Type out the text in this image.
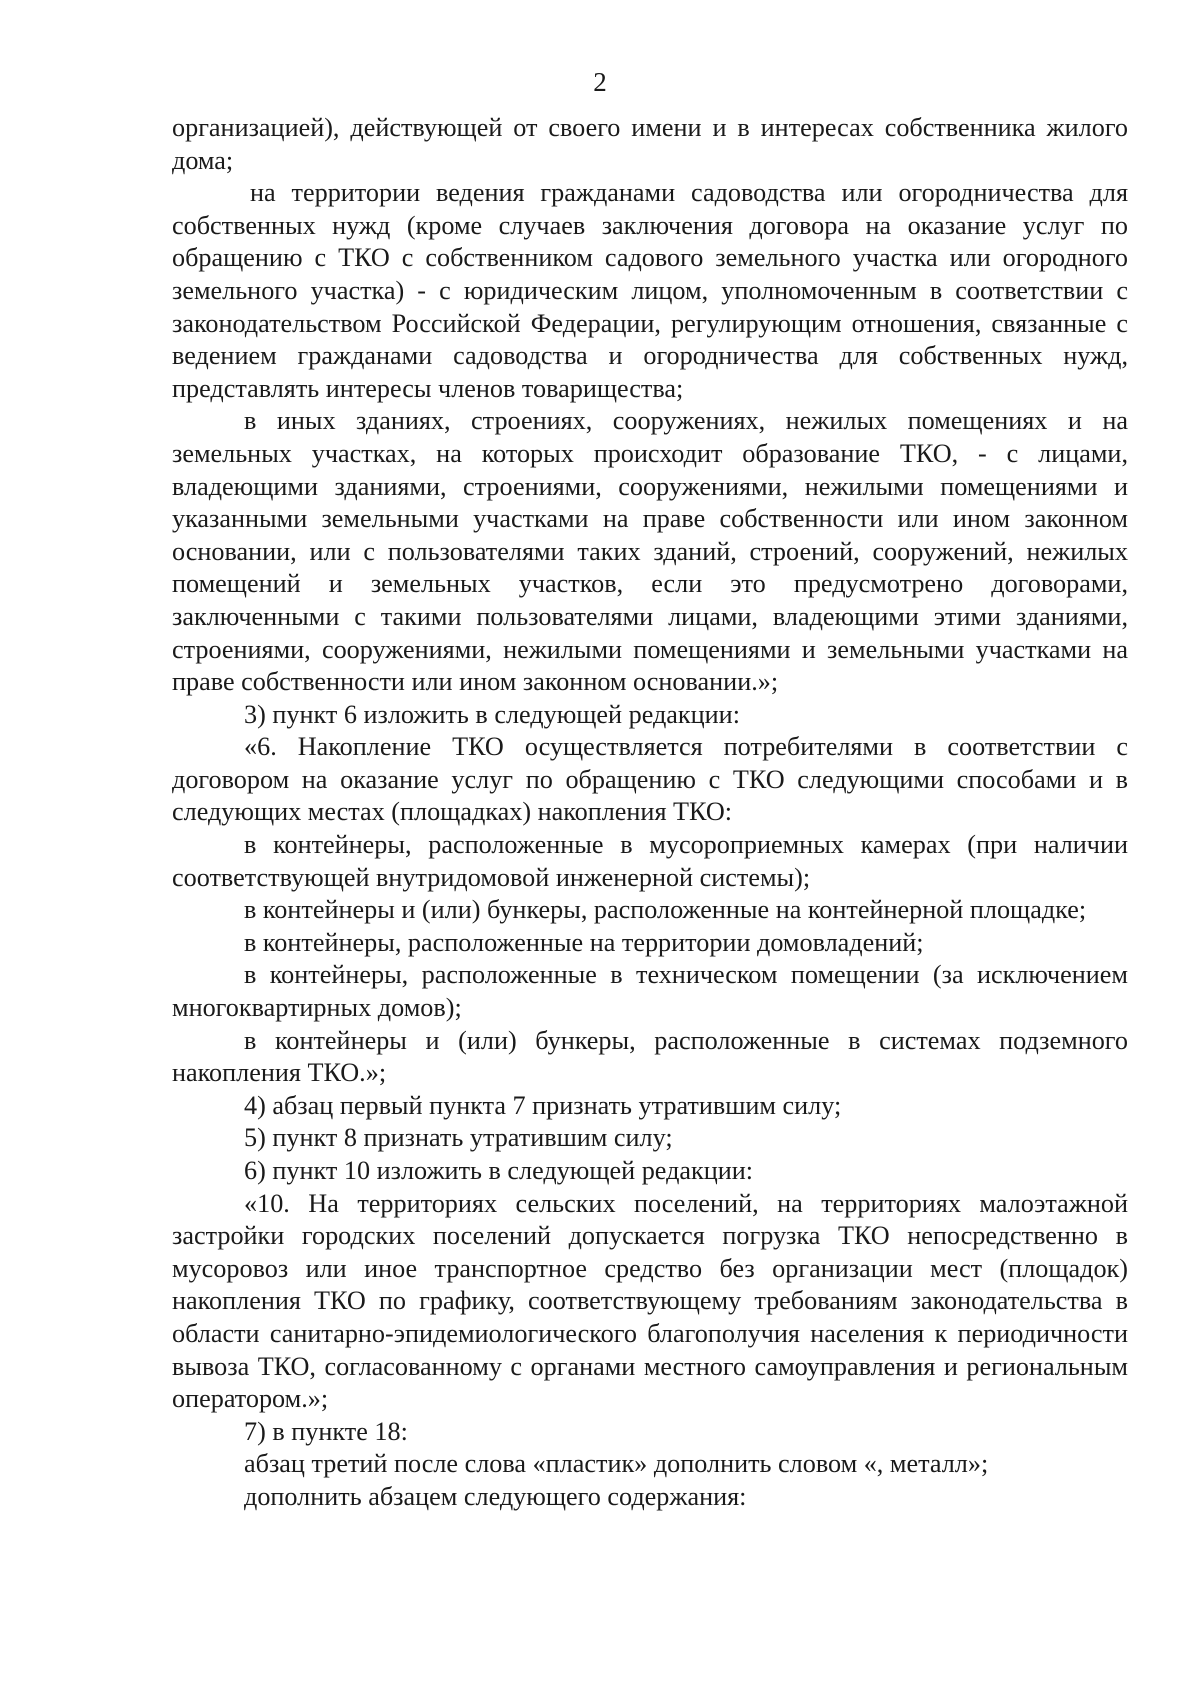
2

организацией), действующей от своего имени и в интересах собственника жилого дома;

на территории ведения гражданами садоводства или огородничества для собственных нужд (кроме случаев заключения договора на оказание услуг по обращению с ТКО с собственником садового земельного участка или огородного земельного участка) - с юридическим лицом, уполномоченным в соответствии с законодательством Российской Федерации, регулирующим отношения, связанные с ведением гражданами садоводства и огородничества для собственных нужд, представлять интересы членов товарищества;

в иных зданиях, строениях, сооружениях, нежилых помещениях и на земельных участках, на которых происходит образование ТКО, - с лицами, владеющими зданиями, строениями, сооружениями, нежилыми помещениями и указанными земельными участками на праве собственности или ином законном основании, или с пользователями таких зданий, строений, сооружений, нежилых помещений и земельных участков, если это предусмотрено договорами, заключенными с такими пользователями лицами, владеющими этими зданиями, строениями, сооружениями, нежилыми помещениями и земельными участками на праве собственности или ином законном основании.»;

3) пункт 6 изложить в следующей редакции:

«6. Накопление ТКО осуществляется потребителями в соответствии с договором на оказание услуг по обращению с ТКО следующими способами и в следующих местах (площадках) накопления ТКО:

в контейнеры, расположенные в мусороприемных камерах (при наличии соответствующей внутридомовой инженерной системы);

в контейнеры и (или) бункеры, расположенные на контейнерной площадке;

в контейнеры, расположенные на территории домовладений;

в контейнеры, расположенные в техническом помещении (за исключением многоквартирных домов);

в контейнеры и (или) бункеры, расположенные в системах подземного накопления ТКО.»;

4) абзац первый пункта 7 признать утратившим силу;

5) пункт 8 признать утратившим силу;

6) пункт 10 изложить в следующей редакции:

«10. На территориях сельских поселений, на территориях малоэтажной застройки городских поселений допускается погрузка ТКО непосредственно в мусоровоз или иное транспортное средство без организации мест (площадок) накопления ТКО по графику, соответствующему требованиям законодательства в области санитарно-эпидемиологического благополучия населения к периодичности вывоза ТКО, согласованному с органами местного самоуправления и региональным оператором.»;

7) в пункте 18:

абзац третий после слова «пластик» дополнить словом «, металл»;

дополнить абзацем следующего содержания:
